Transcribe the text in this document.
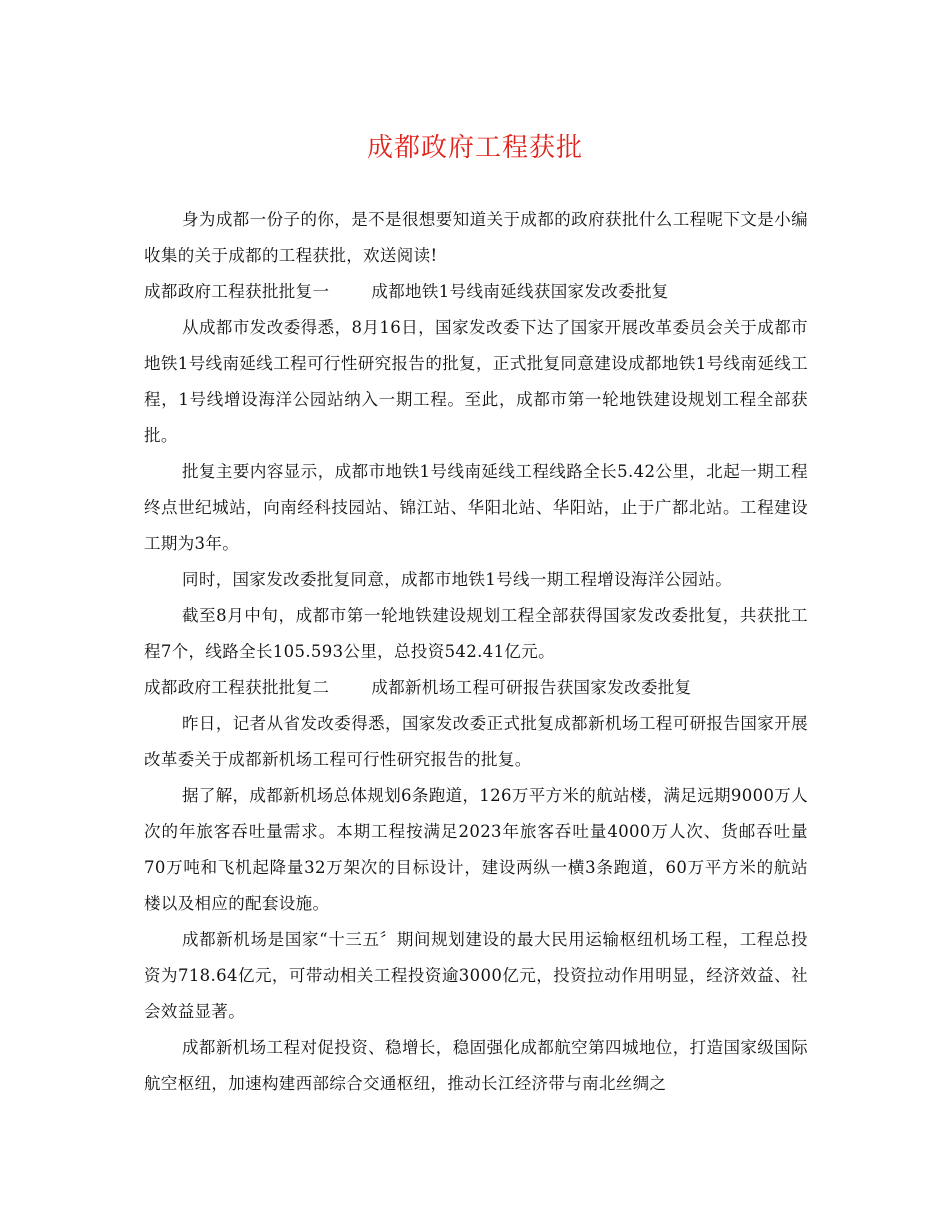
成都政府工程获批

身为成都一份子的你，是不是很想要知道关于成都的政府获批什么工程呢下文是小编收集的关于成都的工程获批，欢送阅读!

成都政府工程获批批复一	成都地铁1号线南延线获国家发改委批复

从成都市发改委得悉，8月16日，国家发改委下达了国家开展改革委员会关于成都市地铁1号线南延线工程可行性研究报告的批复，正式批复同意建设成都地铁1号线南延线工程，1号线增设海洋公园站纳入一期工程。至此，成都市第一轮地铁建设规划工程全部获批。

批复主要内容显示，成都市地铁1号线南延线工程线路全长5.42公里，北起一期工程终点世纪城站，向南经科技园站、锦江站、华阳北站、华阳站，止于广都北站。工程建设工期为3年。

同时，国家发改委批复同意，成都市地铁1号线一期工程增设海洋公园站。

截至8月中旬，成都市第一轮地铁建设规划工程全部获得国家发改委批复，共获批工程7个，线路全长105.593公里，总投资542.41亿元。

成都政府工程获批批复二	成都新机场工程可研报告获国家发改委批复

昨日，记者从省发改委得悉，国家发改委正式批复成都新机场工程可研报告国家开展改革委关于成都新机场工程可行性研究报告的批复。

据了解，成都新机场总体规划6条跑道，126万平方米的航站楼，满足远期9000万人次的年旅客吞吐量需求。本期工程按满足2023年旅客吞吐量4000万人次、货邮吞吐量70万吨和飞机起降量32万架次的目标设计，建设两纵一横3条跑道，60万平方米的航站楼以及相应的配套设施。

成都新机场是国家“十三五〞期间规划建设的最大民用运输枢纽机场工程，工程总投资为718.64亿元，可带动相关工程投资逾3000亿元，投资拉动作用明显，经济效益、社会效益显著。

成都新机场工程对促投资、稳增长，稳固强化成都航空第四城地位，打造国家级国际航空枢纽，加速构建西部综合交通枢纽，推动长江经济带与南北丝绸之
